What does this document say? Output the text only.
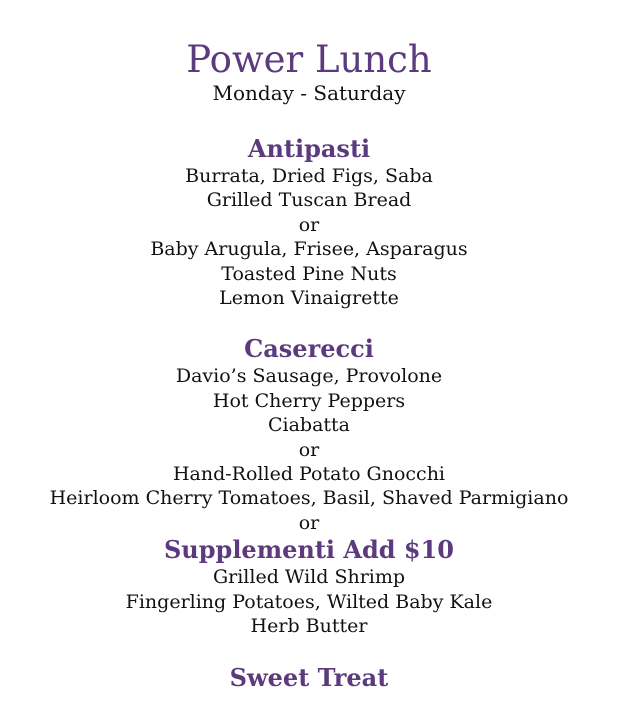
Power Lunch

Monday - Saturday

Antipasti

Burrata, Dried Figs, Saba

Grilled Tuscan Bread

or

Baby Arugula, Frisee, Asparagus

Toasted Pine Nuts

Lemon Vinaigrette

Caserecci

Davio’s Sausage, Provolone

Hot Cherry Peppers

Ciabatta

or

Hand-Rolled Potato Gnocchi

Heirloom Cherry Tomatoes, Basil, Shaved Parmigiano

or

Supplementi Add $10

Grilled Wild Shrimp

Fingerling Potatoes, Wilted Baby Kale

Herb Butter

Sweet Treat
